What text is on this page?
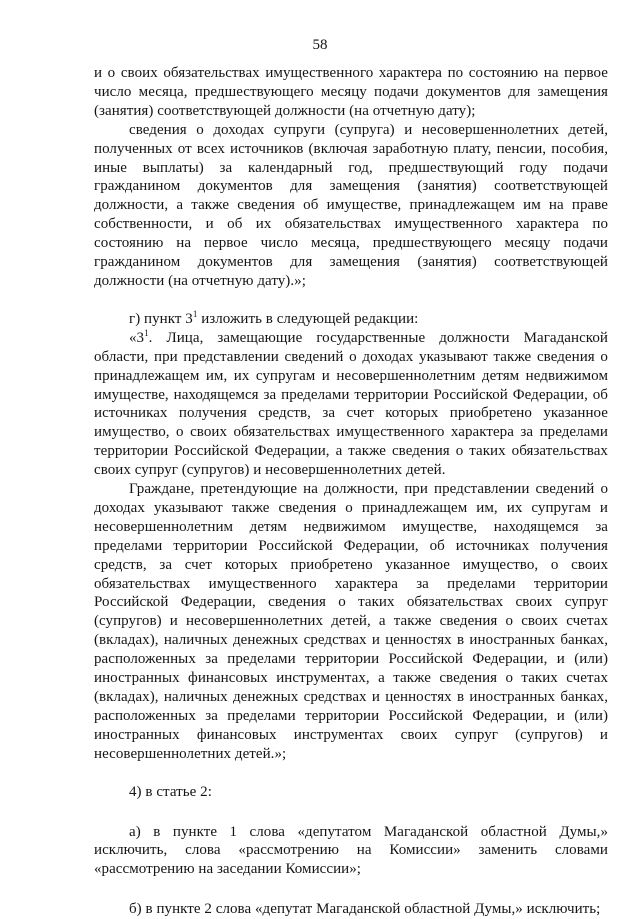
58

и о своих обязательствах имущественного характера по состоянию на первое число месяца, предшествующего месяцу подачи документов для замещения (занятия) соответствующей должности (на отчетную дату);

сведения о доходах супруги (супруга) и несовершеннолетних детей, полученных от всех источников (включая заработную плату, пенсии, пособия, иные выплаты) за календарный год, предшествующий году подачи гражданином документов для замещения (занятия) соответствующей должности, а также сведения об имуществе, принадлежащем им на праве собственности, и об их обязательствах имущественного характера по состоянию на первое число месяца, предшествующего месяцу подачи гражданином документов для замещения (занятия) соответствующей должности (на отчетную дату).»;

г) пункт $3^1$ изложить в следующей редакции:

«$3^1$. Лица, замещающие государственные должности Магаданской области, при представлении сведений о доходах указывают также сведения о принадлежащем им, их супругам и несовершеннолетним детям недвижимом имуществе, находящемся за пределами территории Российской Федерации, об источниках получения средств, за счет которых приобретено указанное имущество, о своих обязательствах имущественного характера за пределами территории Российской Федерации, а также сведения о таких обязательствах своих супруг (супругов) и несовершеннолетних детей.

Граждане, претендующие на должности, при представлении сведений о доходах указывают также сведения о принадлежащем им, их супругам и несовершеннолетним детям недвижимом имуществе, находящемся за пределами территории Российской Федерации, об источниках получения средств, за счет которых приобретено указанное имущество, о своих обязательствах имущественного характера за пределами территории Российской Федерации, сведения о таких обязательствах своих супруг (супругов) и несовершеннолетних детей, а также сведения о своих счетах (вкладах), наличных денежных средствах и ценностях в иностранных банках, расположенных за пределами территории Российской Федерации, и (или) иностранных финансовых инструментах, а также сведения о таких счетах (вкладах), наличных денежных средствах и ценностях в иностранных банках, расположенных за пределами территории Российской Федерации, и (или) иностранных финансовых инструментах своих супруг (супругов) и несовершеннолетних детей.»;

4) в статье 2:

а) в пункте 1 слова «депутатом Магаданской областной Думы,» исключить, слова «рассмотрению на Комиссии» заменить словами «рассмотрению на заседании Комиссии»;

б) в пункте 2 слова «депутат Магаданской областной Думы,» исключить;
